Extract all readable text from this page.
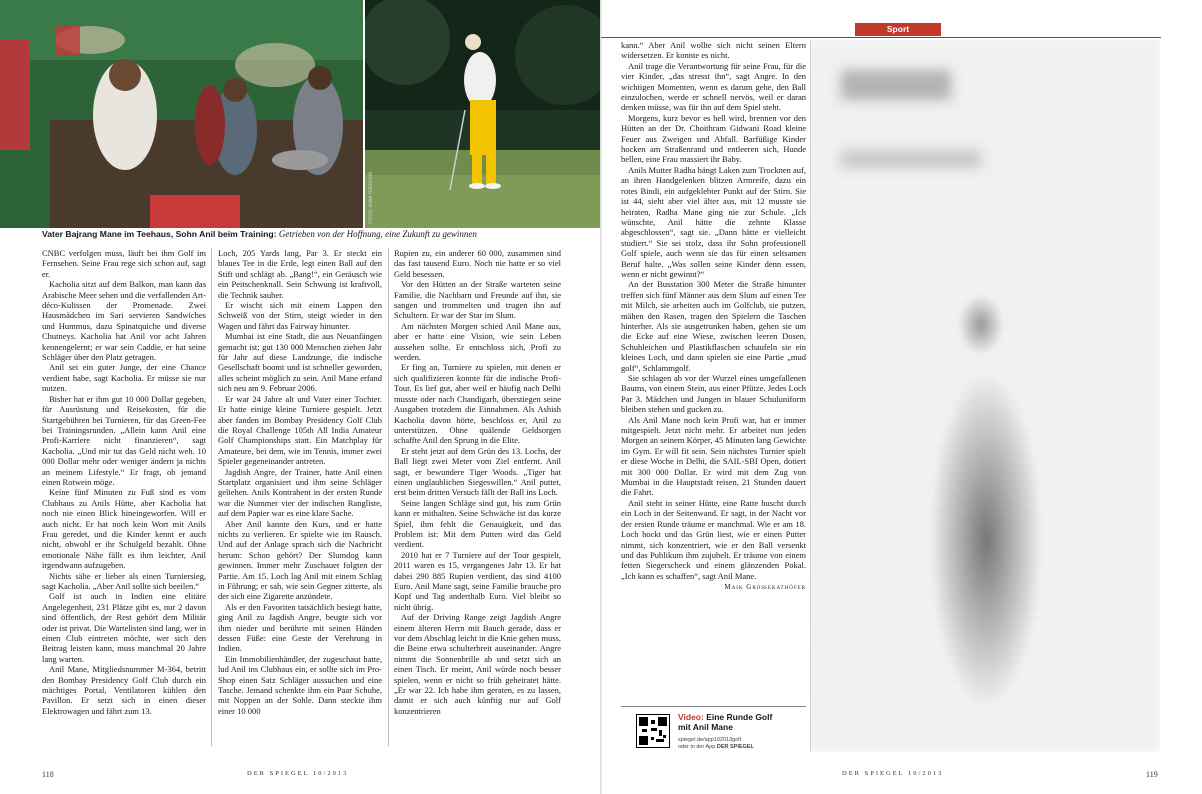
FOTOS: ADAM FERGUSON
Vater Bajrang Mane im Teehaus, Sohn Anil beim Training: Getrieben von der Hoffnung, eine Zukunft zu gewinnen

CNBC verfolgen muss, läuft bei ihm Golf im Fernsehen. Seine Frau rege sich schon auf, sagt er.

Kacholia sitzt auf dem Balkon, man kann das Arabische Meer sehen und die verfallenden Art-déco-Kulissen der Promenade. Zwei Hausmädchen im Sari servieren Sandwiches und Hummus, dazu Spinatquiche und diverse Chutneys. Kacholia hat Anil vor acht Jahren kennengelernt; er war sein Caddie, er hat seine Schläger über den Platz getragen.

Anil sei ein guter Junge, der eine Chance verdient habe, sagt Kacholia. Er müsse sie nur nutzen.

Bisher hat er ihm gut 10 000 Dollar gegeben, für Ausrüstung und Reisekosten, für die Startgebühren bei Turnieren, für das Green-Fee bei Trainingsrunden. „Allein kann Anil eine Profi-Karriere nicht finanzieren“, sagt Kacholia. „Und mir tut das Geld nicht weh. 10 000 Dollar mehr oder weniger ändern ja nichts an meinem Lifestyle.“ Er fragt, ob jemand einen Rotwein möge.

Keine fünf Minuten zu Fuß sind es vom Clubhaus zu Anils Hütte, aber Kacholia hat noch nie einen Blick hineingeworfen. Will er auch nicht. Er hat noch kein Wort mit Anils Frau geredet, und die Kinder kennt er auch nicht, obwohl er ihr Schulgeld bezahlt. Ohne emotionale Nähe fällt es ihm leichter, Anil irgendwann aufzugeben.

Nichts sähe er lieber als einen Turniersieg, sagt Kacholia. „Aber Anil sollte sich beeilen.“

Golf ist auch in Indien eine elitäre Angelegenheit, 231 Plätze gibt es, nur 2 davon sind öffentlich, der Rest gehört dem Militär oder ist privat. Die Wartelisten sind lang, wer in einen Club eintreten möchte, wer sich den Beitrag leisten kann, muss manchmal 20 Jahre lang warten.

Anil Mane, Mitgliedsnummer M-364, betritt den Bombay Presidency Golf Club durch ein mächtiges Portal, Ventilatoren kühlen den Pavillon. Er setzt sich in einen dieser Elektrowagen und fährt zum 13.

Loch, 205 Yards lang, Par 3. Er steckt ein blaues Tee in die Erde, legt einen Ball auf den Stift und schlägt ab. „Bang!“, ein Geräusch wie ein Peitschenknall. Sein Schwung ist kraftvoll, die Technik sauber.

Er wischt sich mit einem Lappen den Schweiß von der Stirn, steigt wieder in den Wagen und fährt das Fairway hinunter.

Mumbai ist eine Stadt, die aus Neuanfängen gemacht ist; gut 130 000 Menschen ziehen Jahr für Jahr auf diese Landzunge, die indische Gesellschaft boomt und ist schneller geworden, alles scheint möglich zu sein. Anil Mane erfand sich neu am 9. Februar 2006.

Er war 24 Jahre alt und Vater einer Tochter. Er hatte einige kleine Turniere gespielt. Jetzt aber fanden im Bombay Presidency Golf Club die Royal Challenge 105th All India Amateur Golf Championships statt. Ein Matchplay für Amateure, bei dem, wie im Tennis, immer zwei Spieler gegeneinander antreten.

Jagdish Angre, der Trainer, hatte Anil einen Startplatz organisiert und ihm seine Schläger geliehen. Anils Kontrahent in der ersten Runde war die Nummer vier der indischen Rangliste, auf dem Papier war es eine klare Sache.

Aber Anil kannte den Kurs, und er hatte nichts zu verlieren. Er spielte wie im Rausch. Und auf der Anlage sprach sich die Nachricht herum: Schon gehört? Der Slumdog kann gewinnen. Immer mehr Zuschauer folgten der Partie. Am 15. Loch lag Anil mit einem Schlag in Führung; er sah, wie sein Gegner zitterte, als der sich eine Zigarette anzündete.

Als er den Favoriten tatsächlich besiegt hatte, ging Anil zu Jagdish Angre, beugte sich vor ihm nieder und berührte mit seinen Händen dessen Füße: eine Geste der Verehrung in Indien.

Ein Immobilienhändler, der zugeschaut hatte, lud Anil ins Clubhaus ein, er sollte sich im Pro-Shop einen Satz Schläger aussuchen und eine Tasche. Jemand schenkte ihm ein Paar Schuhe, mit Noppen an der Sohle. Dann steckte ihm einer 10 000

Rupien zu, ein anderer 60 000, zusammen sind das fast tausend Euro. Noch nie hatte er so viel Geld besessen.

Vor den Hütten an der Straße warteten seine Familie, die Nachbarn und Freunde auf ihn, sie sangen und trommelten und trugen ihn auf Schultern. Er war der Star im Slum.

Am nächsten Morgen schied Anil Mane aus, aber er hatte eine Vision, wie sein Leben aussehen sollte. Er entschloss sich, Profi zu werden.

Er fing an, Turniere zu spielen, mit denen er sich qualifizieren konnte für die indische Profi-Tour. Es lief gut, aber weil er häufig nach Delhi musste oder nach Chandigarh, überstiegen seine Ausgaben trotzdem die Einnahmen. Als Ashish Kacholia davon hörte, beschloss er, Anil zu unterstützen. Ohne quälende Geldsorgen schaffte Anil den Sprung in die Elite.

Er steht jetzt auf dem Grün des 13. Lochs, der Ball liegt zwei Meter vom Ziel entfernt. Anil sagt, er bewundere Tiger Woods. „Tiger hat einen unglaublichen Siegeswillen.“ Anil puttet, erst beim dritten Versuch fällt der Ball ins Loch.

Seine langen Schläge sind gut, bis zum Grün kann er mithalten. Seine Schwäche ist das kurze Spiel, ihm fehlt die Genauigkeit, und das Problem ist: Mit dem Putten wird das Geld verdient.

2010 hat er 7 Turniere auf der Tour gespielt, 2011 waren es 15, vergangenes Jahr 13. Er hat dabei 290 885 Rupien verdient, das sind 4100 Euro. Anil Mane sagt, seine Familie brauche pro Kopf und Tag anderthalb Euro. Viel bleibt so nicht übrig.

Auf der Driving Range zeigt Jagdish Angre einem älteren Herrn mit Bauch gerade, dass er vor dem Abschlag leicht in die Knie gehen muss, die Beine etwa schulterbreit auseinander. Angre nimmt die Sonnenbrille ab und setzt sich an einen Tisch. Er meint, Anil würde noch besser spielen, wenn er nicht so früh geheiratet hätte. „Er war 22. Ich habe ihm geraten, es zu lassen, damit er sich auch künftig nur auf Golf konzentrieren

118	DER SPIEGEL 10/2013
Sport

kann.“ Aber Anil wollte sich nicht seinen Eltern widersetzen. Er konnte es nicht.

Anil trage die Verantwortung für seine Frau, für die vier Kinder, „das stresst ihn“, sagt Angre. In den wichtigen Momenten, wenn es darum gehe, den Ball einzulochen, werde er schnell nervös, weil er daran denken müsse, was für ihn auf dem Spiel steht.

Morgens, kurz bevor es hell wird, brennen vor den Hütten an der Dr. Choithram Gidwani Road kleine Feuer aus Zweigen und Abfall. Barfüßige Kinder hocken am Straßenrand und entleeren sich, Hunde bellen, eine Frau massiert ihr Baby.

Anils Mutter Radha hängt Laken zum Trocknen auf, an ihren Handgelenken blitzen Armreife, dazu ein rotes Bindi, ein aufgeklebter Punkt auf der Stirn. Sie ist 44, sieht aber viel älter aus, mit 12 musste sie heiraten, Radha Mane ging nie zur Schule. „Ich wünschte, Anil hätte die zehnte Klasse abgeschlossen“, sagt sie. „Dann hätte er vielleicht studiert.“ Sie sei stolz, dass ihr Sohn professionell Golf spiele, auch wenn sie das für einen seltsamen Beruf halte. „Was sollen seine Kinder denn essen, wenn er nicht gewinnt?“

An der Busstation 300 Meter die Straße hinunter treffen sich fünf Männer aus dem Slum auf einen Tee mit Milch, sie arbeiten auch im Golfclub, sie putzen, mähen den Rasen, tragen den Spielern die Taschen hinterher. Als sie ausgetrunken haben, gehen sie um die Ecke auf eine Wiese, zwischen leeren Dosen, Schuhleichen und Plastikflaschen schaufeln sie ein kleines Loch, und dann spielen sie eine Partie „mud golf“, Schlammgolf.

Sie schlagen ab vor der Wurzel eines umgefallenen Baums, von einem Stein, aus einer Pfütze. Jedes Loch Par 3. Mädchen und Jungen in blauer Schuluniform bleiben stehen und gucken zu.

Als Anil Mane noch kein Profi war, hat er immer mitgespielt. Jetzt nicht mehr. Er arbeitet nun jeden Morgen an seinem Körper, 45 Minuten lang Gewichte im Gym. Er will fit sein. Sein nächstes Turnier spielt er diese Woche in Delhi, die SAIL-SBI Open, dotiert mit 300 000 Dollar. Er wird mit dem Zug von Mumbai in die Hauptstadt reisen, 21 Stunden dauert die Fahrt.

Anil steht in seiner Hütte, eine Ratte huscht durch ein Loch in der Seitenwand. Er sagt, in der Nacht vor der ersten Runde träume er manchmal. Wie er am 18. Loch hockt und das Grün liest, wie er einen Putter nimmt, sich konzentriert, wie er den Ball versenkt und das Publikum ihm zujubelt. Er träume von einem fetten Siegerscheck und einem glänzenden Pokal. „Ich kann es schaffen“, sagt Anil Mane.

Maik Großekathöfer
Video: Eine Runde Golf
mit Anil Mane
spiegel.de/app102013golf
oder in der App DER SPIEGEL
DER SPIEGEL 10/2013	119
